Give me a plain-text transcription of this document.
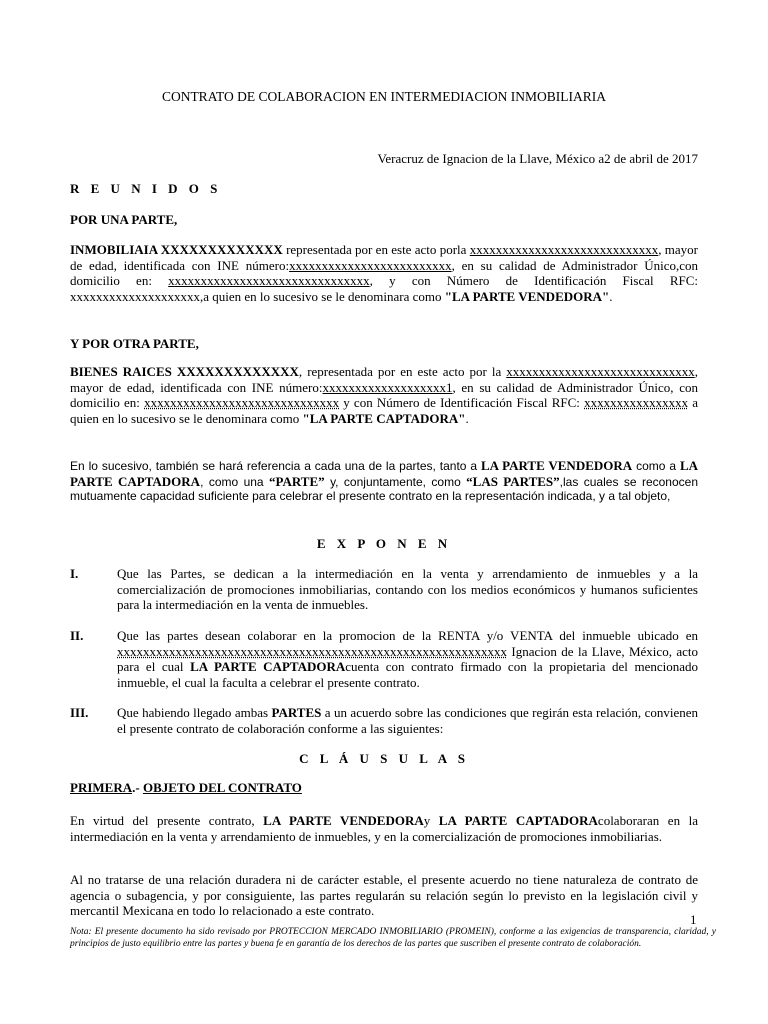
CONTRATO DE COLABORACION EN INTERMEDIACION INMOBILIARIA

Veracruz de Ignacion de la Llave, México a2 de abril de 2017

R E U N I D O S

POR UNA PARTE,

INMOBILIAIA XXXXXXXXXXXXX representada por en este acto porla xxxxxxxxxxxxxxxxxxxxxxxxxxxxx, mayor de edad, identificada con INE número:xxxxxxxxxxxxxxxxxxxxxxxxx, en su calidad de Administrador Único,con domicilio en: xxxxxxxxxxxxxxxxxxxxxxxxxxxxxxx, y con Número de Identificación Fiscal RFC: xxxxxxxxxxxxxxxxxxxx,a quien en lo sucesivo se le denominara como "LA PARTE VENDEDORA".

Y POR OTRA PARTE,

BIENES RAICES XXXXXXXXXXXXX, representada por en este acto por la xxxxxxxxxxxxxxxxxxxxxxxxxxxxx, mayor de edad, identificada con INE número:xxxxxxxxxxxxxxxxxxx1, en su calidad de Administrador Único, con domicilio en: xxxxxxxxxxxxxxxxxxxxxxxxxxxxxx y con Número de Identificación Fiscal RFC: xxxxxxxxxxxxxxxx a quien en lo sucesivo se le denominara como "LA PARTE CAPTADORA".

En lo sucesivo, también se hará referencia a cada una de la partes, tanto a LA PARTE VENDEDORA como a LA PARTE CAPTADORA, como una “PARTE” y, conjuntamente, como “LAS PARTES”,las cuales se reconocen mutuamente capacidad suficiente para celebrar el presente contrato en la representación indicada, y a tal objeto,

E X P O N E N

I.	Que las Partes, se dedican a la intermediación en la venta y arrendamiento de inmuebles y a la comercialización de promociones inmobiliarias, contando con los medios económicos y humanos suficientes para la intermediación en la venta de inmuebles.

II.	Que las partes desean colaborar en la promocion de la RENTA y/o VENTA del inmueble ubicado en xxxxxxxxxxxxxxxxxxxxxxxxxxxxxxxxxxxxxxxxxxxxxxxxxxxxxxxxxxxx Ignacion de la Llave, México, acto para el cual LA PARTE CAPTADORAcuenta con contrato firmado con la propietaria del mencionado inmueble, el cual la faculta a celebrar el presente contrato.

III.	Que habiendo llegado ambas PARTES a un acuerdo sobre las condiciones que regirán esta relación, convienen el presente contrato de colaboración conforme a las siguientes:

C L Á U S U L A S

PRIMERA.- OBJETO DEL CONTRATO

En virtud del presente contrato, LA PARTE VENDEDORAy LA PARTE CAPTADORAcolaboraran en la intermediación en la venta y arrendamiento de inmuebles, y en la comercialización de promociones inmobiliarias.

Al no tratarse de una relación duradera ni de carácter estable, el presente acuerdo no tiene naturaleza de contrato de agencia o subagencia, y por consiguiente, las partes regularán su relación según lo previsto en la legislación civil y mercantil Mexicana en todo lo relacionado a este contrato.

1

Nota: El presente documento ha sido revisado por PROTECCION MERCADO INMOBILIARIO (PROMEIN), conforme a las exigencias de transparencia, claridad, y principios de justo equilibrio entre las partes y buena fe en garantía de los derechos de las partes que suscriben el presente contrato de colaboración.
